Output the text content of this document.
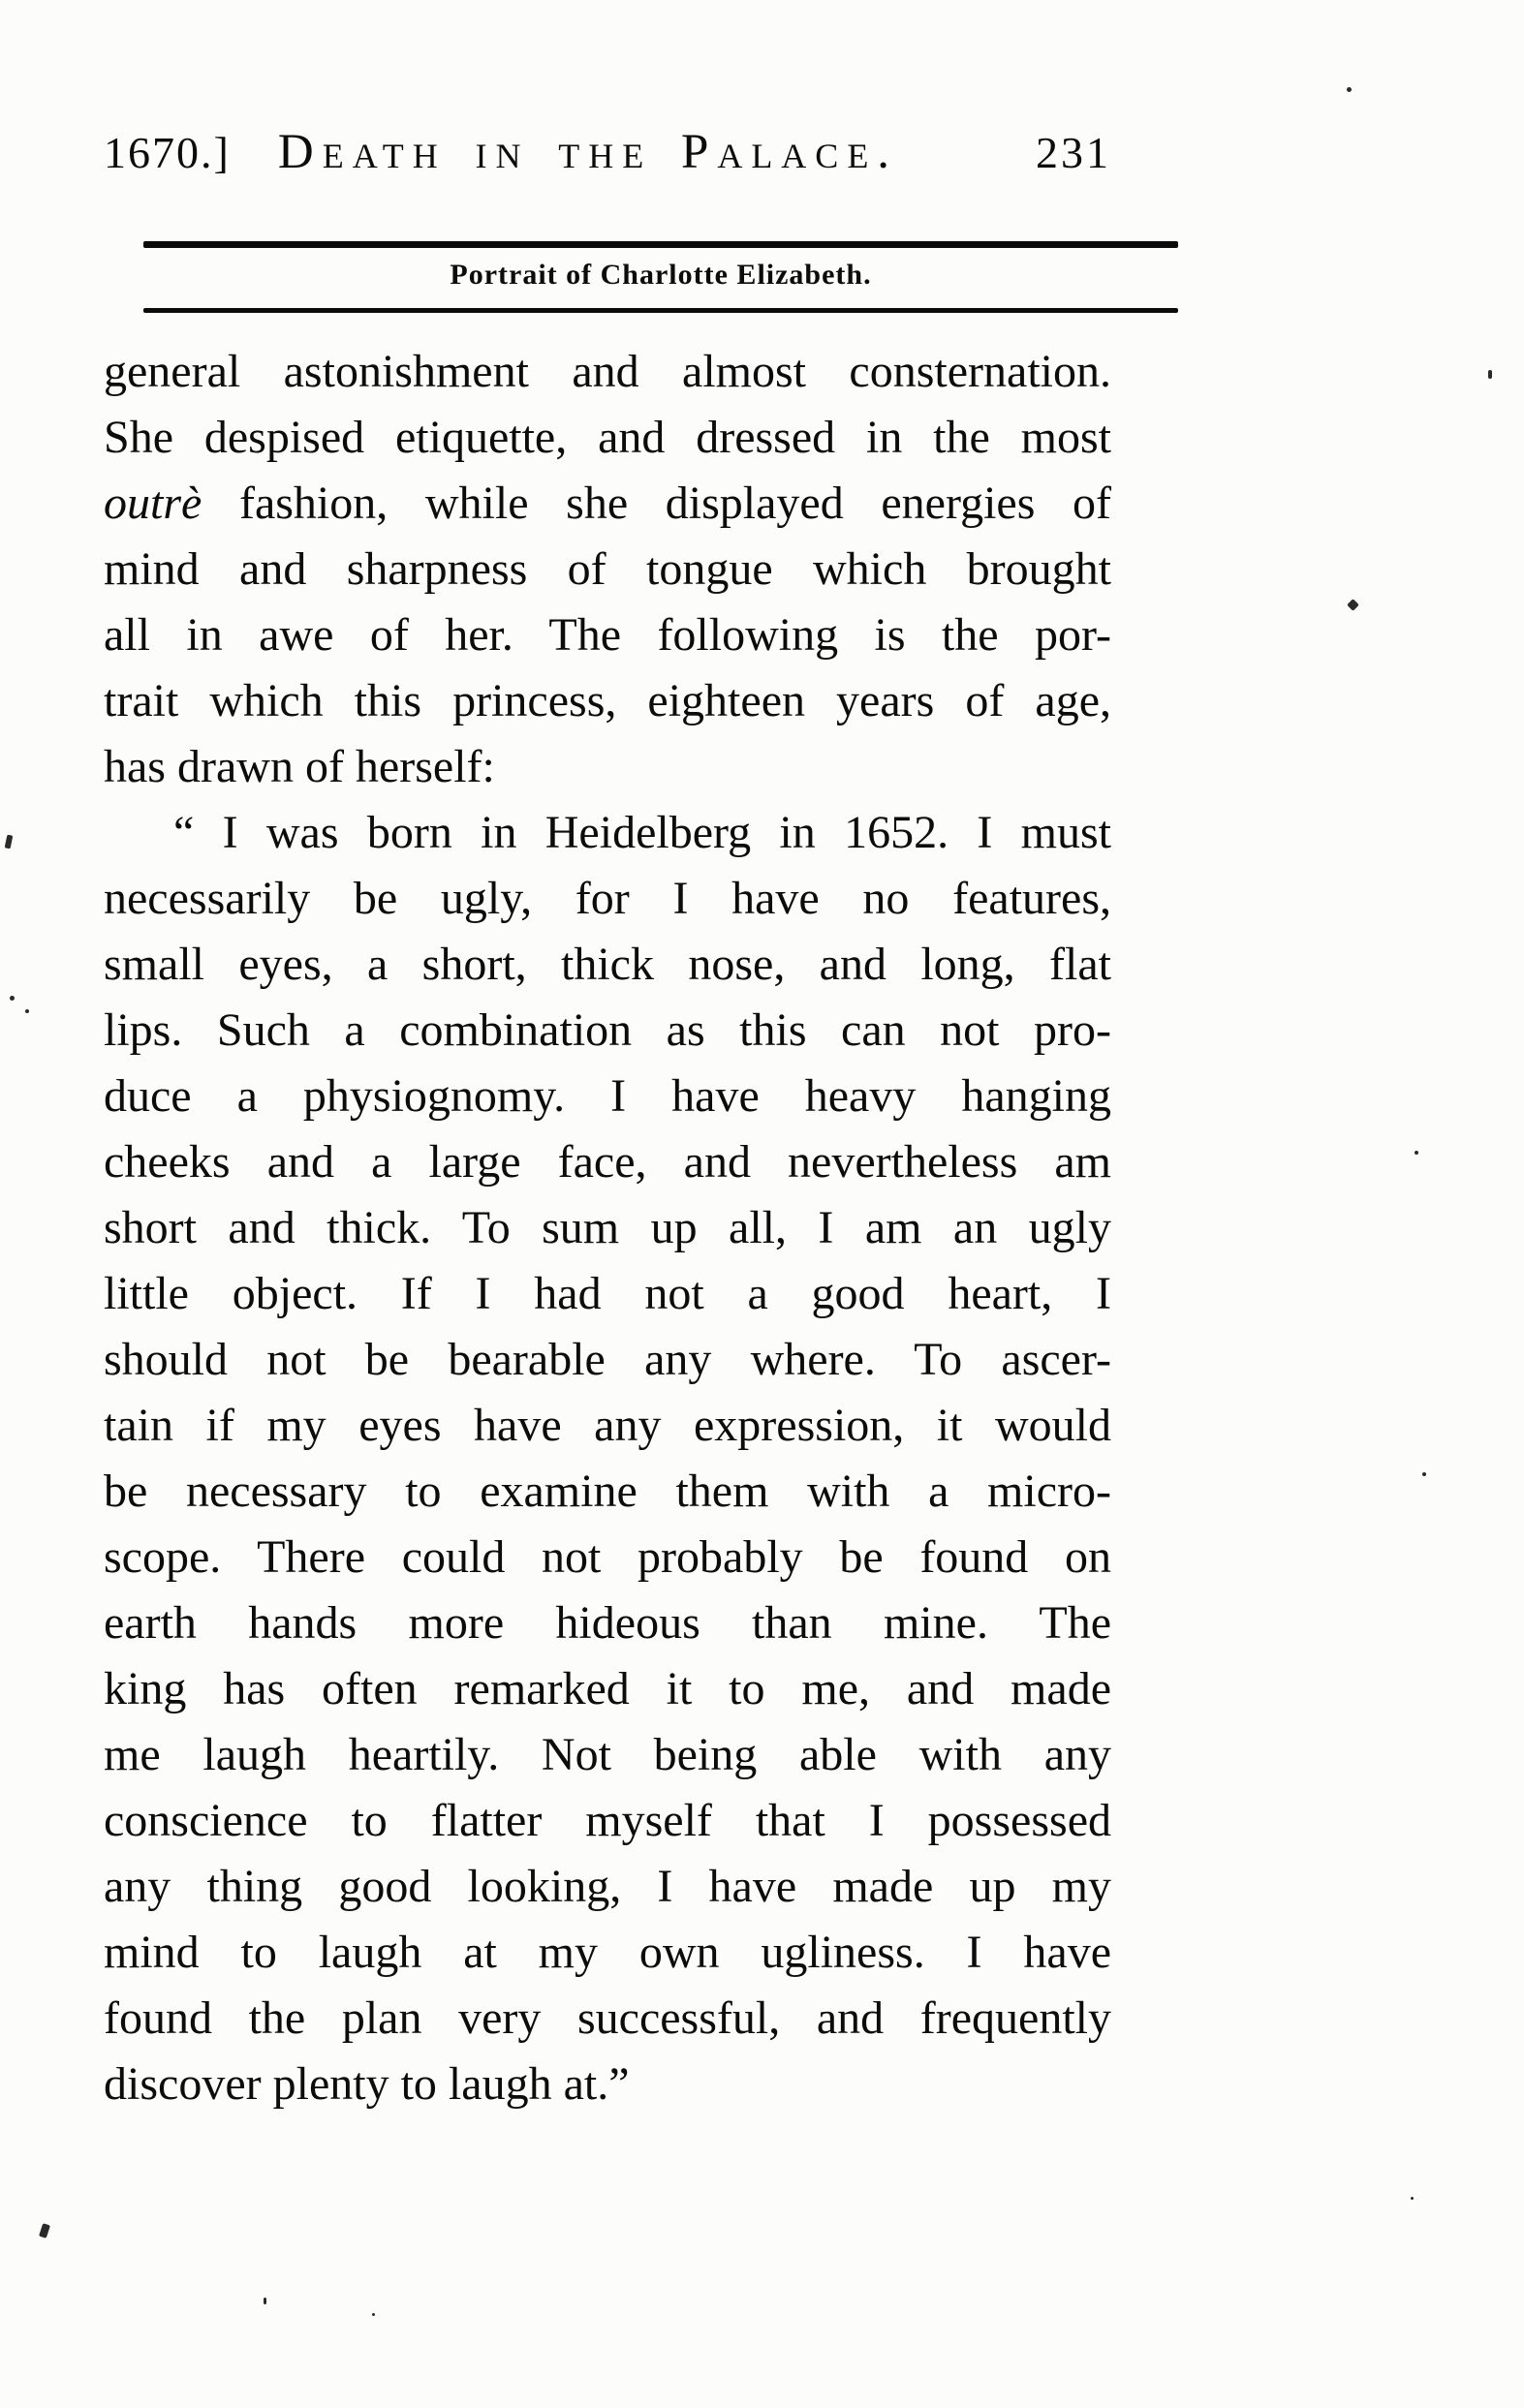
1670.] Death in the Palace.	231
Portrait of Charlotte Elizabeth.
general astonishment and almost consternation.
She despised etiquette, and dressed in the most
outrè fashion, while she displayed energies of
mind and sharpness of tongue which brought
all in awe of her. The following is the por-
trait which this princess, eighteen years of age,
has drawn of herself:
“ I was born in Heidelberg in 1652. I must
necessarily be ugly, for I have no features,
small eyes, a short, thick nose, and long, flat
lips. Such a combination as this can not pro-
duce a physiognomy. I have heavy hanging
cheeks and a large face, and nevertheless am
short and thick. To sum up all, I am an ugly
little object. If I had not a good heart, I
should not be bearable any where. To ascer-
tain if my eyes have any expression, it would
be necessary to examine them with a micro-
scope. There could not probably be found on
earth hands more hideous than mine. The
king has often remarked it to me, and made
me laugh heartily. Not being able with any
conscience to flatter myself that I possessed
any thing good looking, I have made up my
mind to laugh at my own ugliness. I have
found the plan very successful, and frequently
discover plenty to laugh at.”
